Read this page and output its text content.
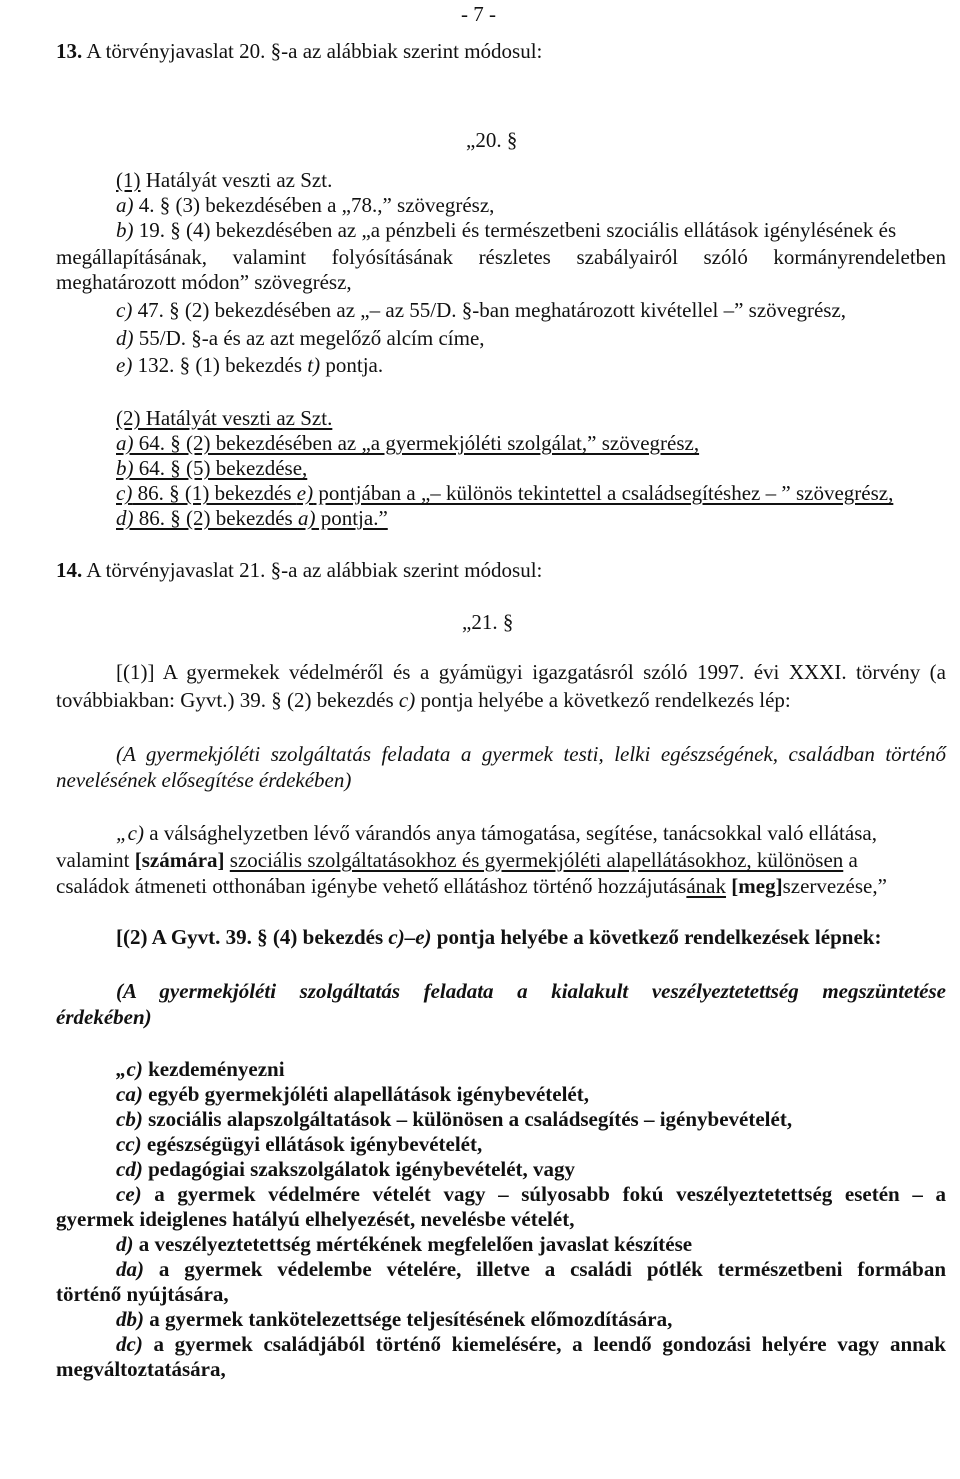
- 7 -
13. A törvényjavaslat 20. §-a az alábbiak szerint módosul:
„20. §
(1) Hatályát veszti az Szt.
a) 4. § (3) bekezdésében a „78.,” szövegrész,
b) 19. § (4) bekezdésében az „a pénzbeli és természetbeni szociális ellátások igénylésének és
megállapításának, valamint folyósításának részletes szabályairól szóló kormányrendeletben
meghatározott módon” szövegrész,
c) 47. § (2) bekezdésében az „– az 55/D. §-ban meghatározott kivétellel –” szövegrész,
d) 55/D. §-a és az azt megelőző alcím címe,
e) 132. § (1) bekezdés t) pontja.
(2) Hatályát veszti az Szt.
a) 64. § (2) bekezdésében az „a gyermekjóléti szolgálat,” szövegrész,
b) 64. § (5) bekezdése,
c) 86. § (1) bekezdés e) pontjában a „– különös tekintettel a családsegítéshez – ” szövegrész,
d) 86. § (2) bekezdés a) pontja.”
14. A törvényjavaslat 21. §-a az alábbiak szerint módosul:
„21. §
[(1)] A gyermekek védelméről és a gyámügyi igazgatásról szóló 1997. évi XXXI. törvény (a
továbbiakban: Gyvt.) 39. § (2) bekezdés c) pontja helyébe a következő rendelkezés lép:
(A gyermekjóléti szolgáltatás feladata a gyermek testi, lelki egészségének, családban történő
nevelésének elősegítése érdekében)
„c) a válsághelyzetben lévő várandós anya támogatása, segítése, tanácsokkal való ellátása,
valamint [számára] szociális szolgáltatásokhoz és gyermekjóléti alapellátásokhoz, különösen a
családok átmeneti otthonában igénybe vehető ellátáshoz történő hozzájutásának [meg]szervezése,”
[(2) A Gyvt. 39. § (4) bekezdés c)–e) pontja helyébe a következő rendelkezések lépnek:
(A gyermekjóléti szolgáltatás feladata a kialakult veszélyeztetettség megszüntetése
érdekében)
„c) kezdeményezni
ca) egyéb gyermekjóléti alapellátások igénybevételét,
cb) szociális alapszolgáltatások – különösen a családsegítés – igénybevételét,
cc) egészségügyi ellátások igénybevételét,
cd) pedagógiai szakszolgálatok igénybevételét, vagy
ce) a gyermek védelmére vételét vagy – súlyosabb fokú veszélyeztetettség esetén – a
gyermek ideiglenes hatályú elhelyezését, nevelésbe vételét,
d) a veszélyeztetettség mértékének megfelelően javaslat készítése
da) a gyermek védelembe vételére, illetve a családi pótlék természetbeni formában
történő nyújtására,
db) a gyermek tankötelezettsége teljesítésének előmozdítására,
dc) a gyermek családjából történő kiemelésére, a leendő gondozási helyére vagy annak
megváltoztatására,
